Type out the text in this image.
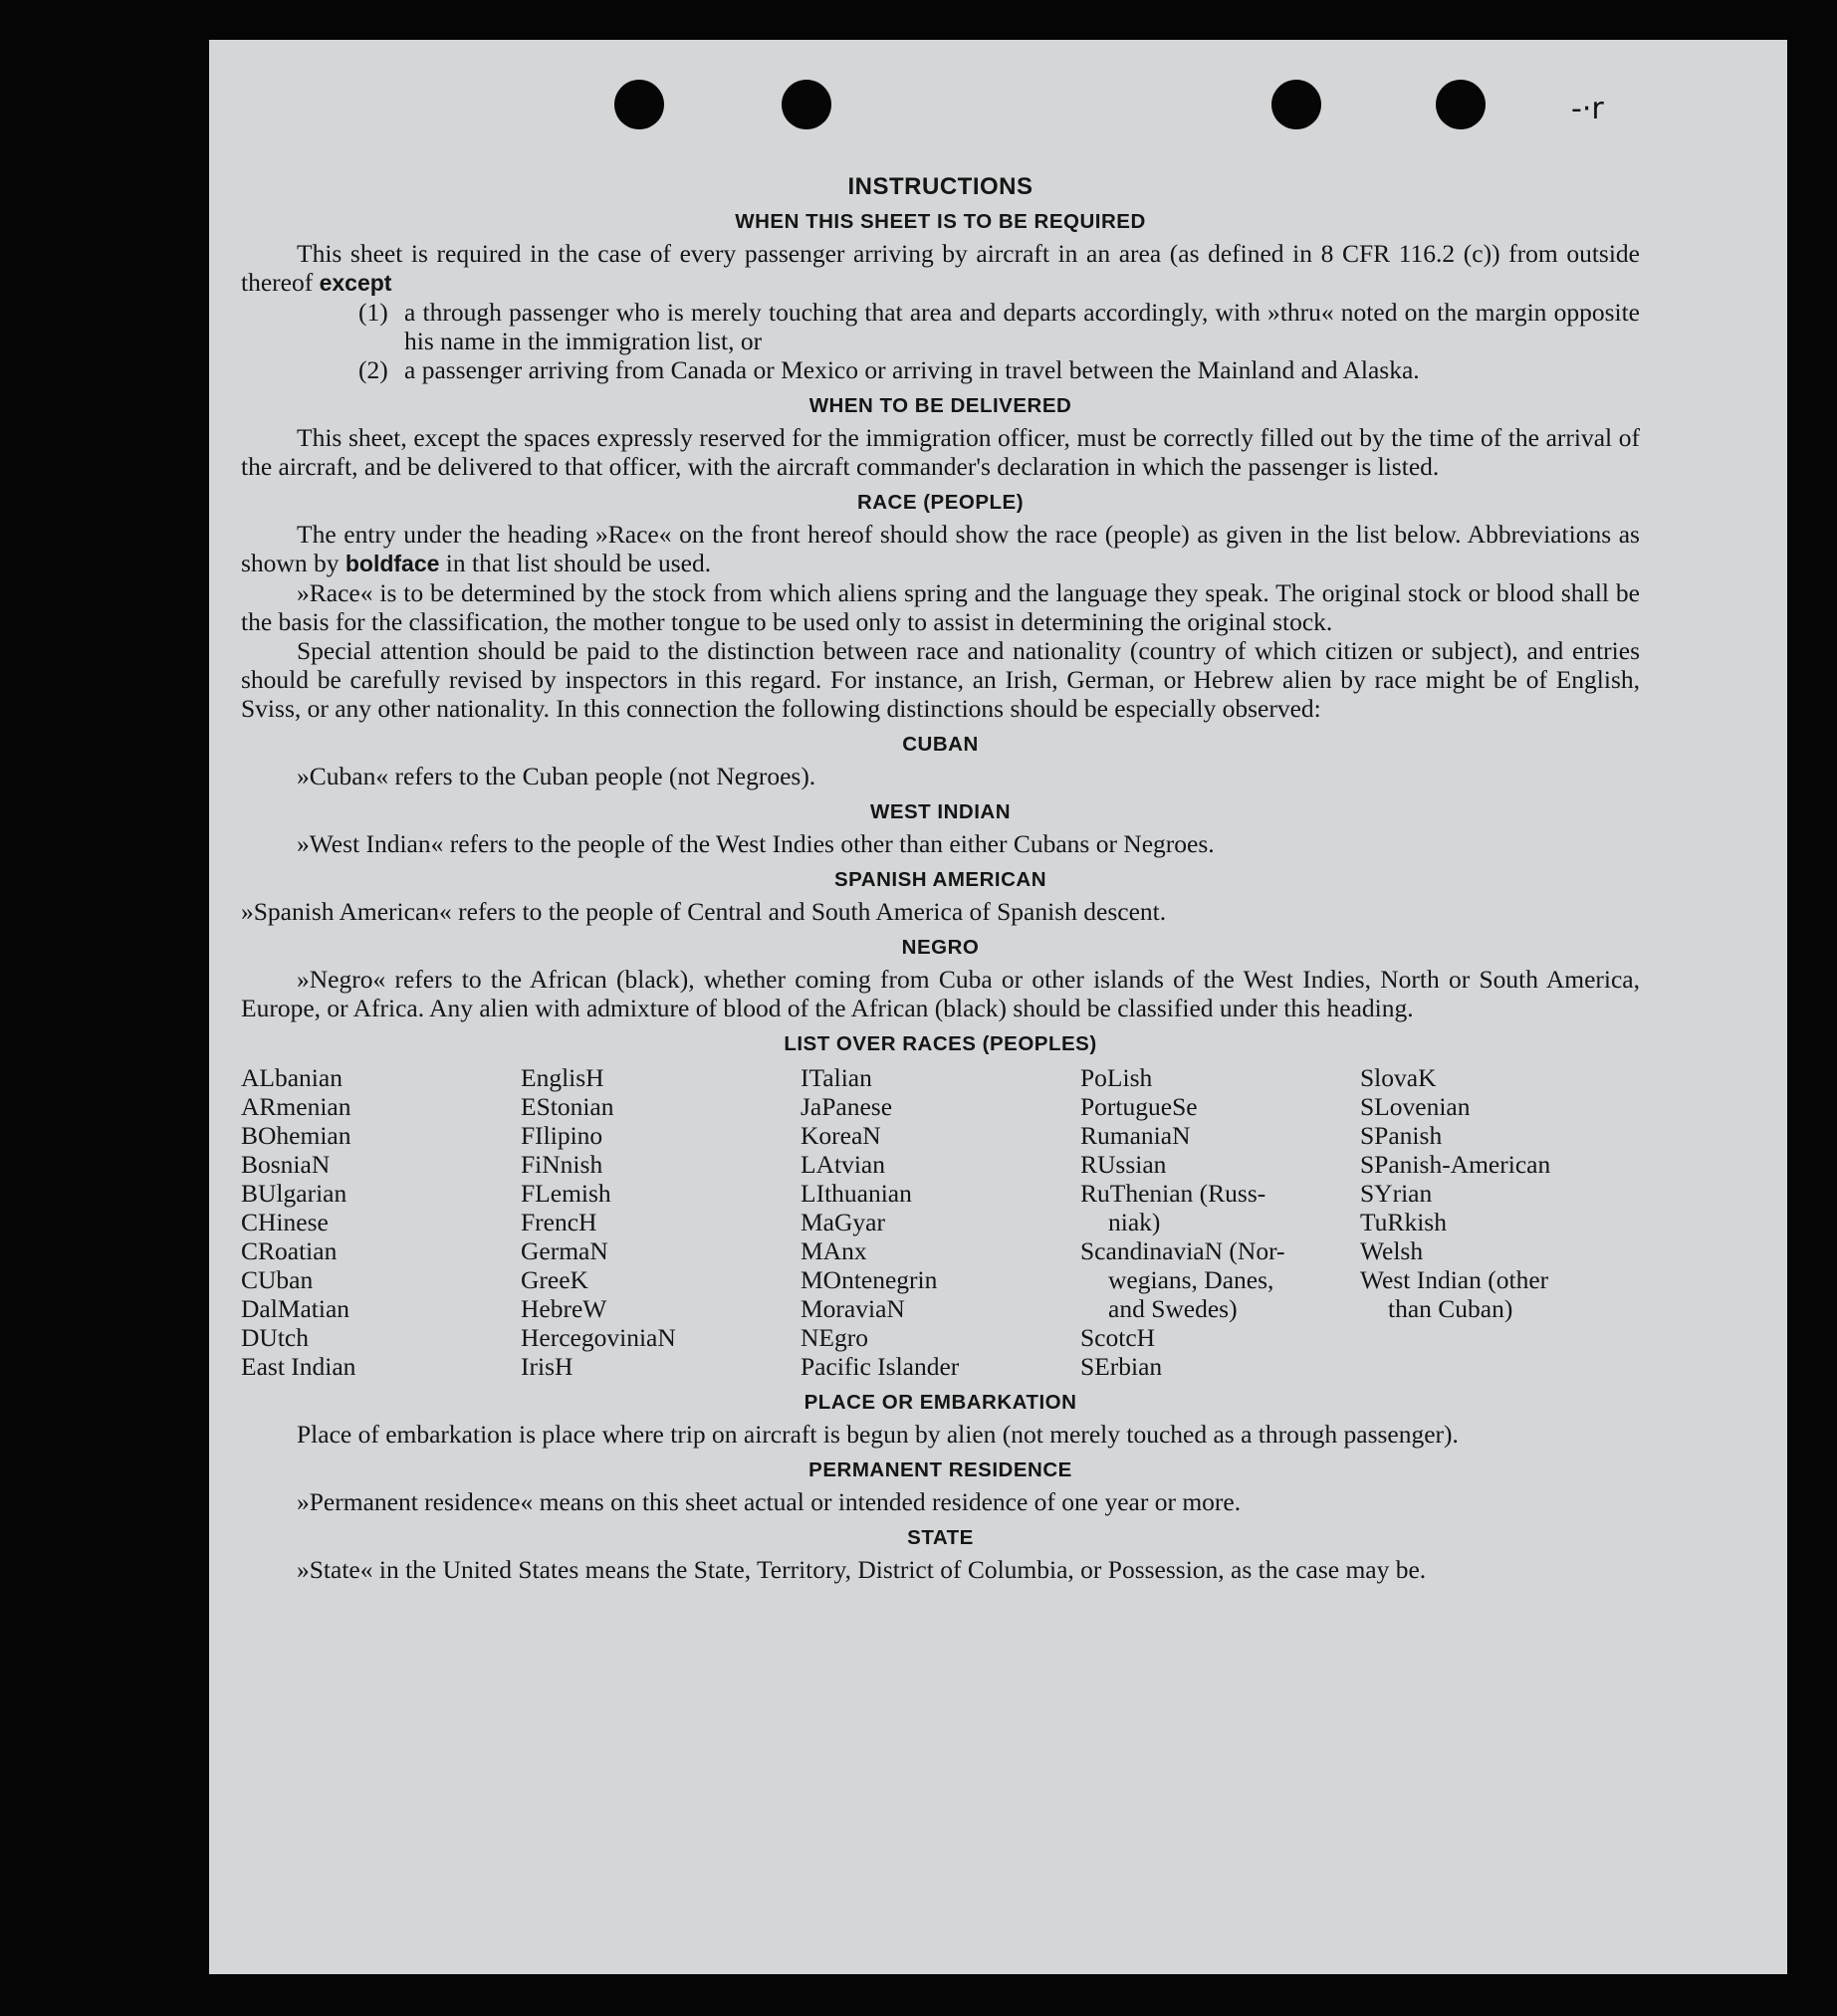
-·r
INSTRUCTIONS
WHEN THIS SHEET IS TO BE REQUIRED

This sheet is required in the case of every passenger arriving by aircraft in an area (as defined in 8 CFR 116.2 (c)) from outside thereof except

(1) a through passenger who is merely touching that area and departs accordingly, with »thru« noted on the margin opposite his name in the immigration list, or
(2) a passenger arriving from Canada or Mexico or arriving in travel between the Mainland and Alaska.
WHEN TO BE DELIVERED

This sheet, except the spaces expressly reserved for the immigration officer, must be correctly filled out by the time of the arrival of the aircraft, and be delivered to that officer, with the aircraft commander's declaration in which the passenger is listed.

RACE (PEOPLE)

The entry under the heading »Race« on the front hereof should show the race (people) as given in the list below. Abbreviations as shown by boldface in that list should be used.

»Race« is to be determined by the stock from which aliens spring and the language they speak. The original stock or blood shall be the basis for the classification, the mother tongue to be used only to assist in determining the original stock.

Special attention should be paid to the distinction between race and nationality (country of which citizen or subject), and entries should be carefully revised by inspectors in this regard. For instance, an Irish, German, or Hebrew alien by race might be of English, Sviss, or any other nationality. In this connection the following distinctions should be especially observed:

CUBAN

»Cuban« refers to the Cuban people (not Negroes).

WEST INDIAN

»West Indian« refers to the people of the West Indies other than either Cubans or Negroes.

SPANISH AMERICAN

»Spanish American« refers to the people of Central and South America of Spanish descent.

NEGRO

»Negro« refers to the African (black), whether coming from Cuba or other islands of the West Indies, North or South America, Europe, or Africa. Any alien with admixture of blood of the African (black) should be classified under this heading.

LIST OVER RACES (PEOPLES)
ALbanian
ARmenian
BOhemian
BosniaN
BUlgarian
CHinese
CRoatian
CUban
DalMatian
DUtch
East Indian
EnglisH
EStonian
FIlipino
FiNnish
FLemish
FrencH
GermaN
GreeK
HebreW
HercegoviniaN
IrisH
ITalian
JaPanese
KoreaN
LAtvian
LIthuanian
MaGyar
MAnx
MOntenegrin
MoraviaN
NEgro
Pacific Islander
PoLish
PortugueSe
RumaniaN
RUssian
RuThenian (Russ-
niak)
ScandinaviaN (Nor-
wegians, Danes,
and Swedes)
ScotcH
SErbian
SlovaK
SLovenian
SPanish
SPanish-American
SYrian
TuRkish
Welsh
West Indian (other
than Cuban)
PLACE OR EMBARKATION

Place of embarkation is place where trip on aircraft is begun by alien (not merely touched as a through passenger).

PERMANENT RESIDENCE

»Permanent residence« means on this sheet actual or intended residence of one year or more.

STATE

»State« in the United States means the State, Territory, District of Columbia, or Possession, as the case may be.
